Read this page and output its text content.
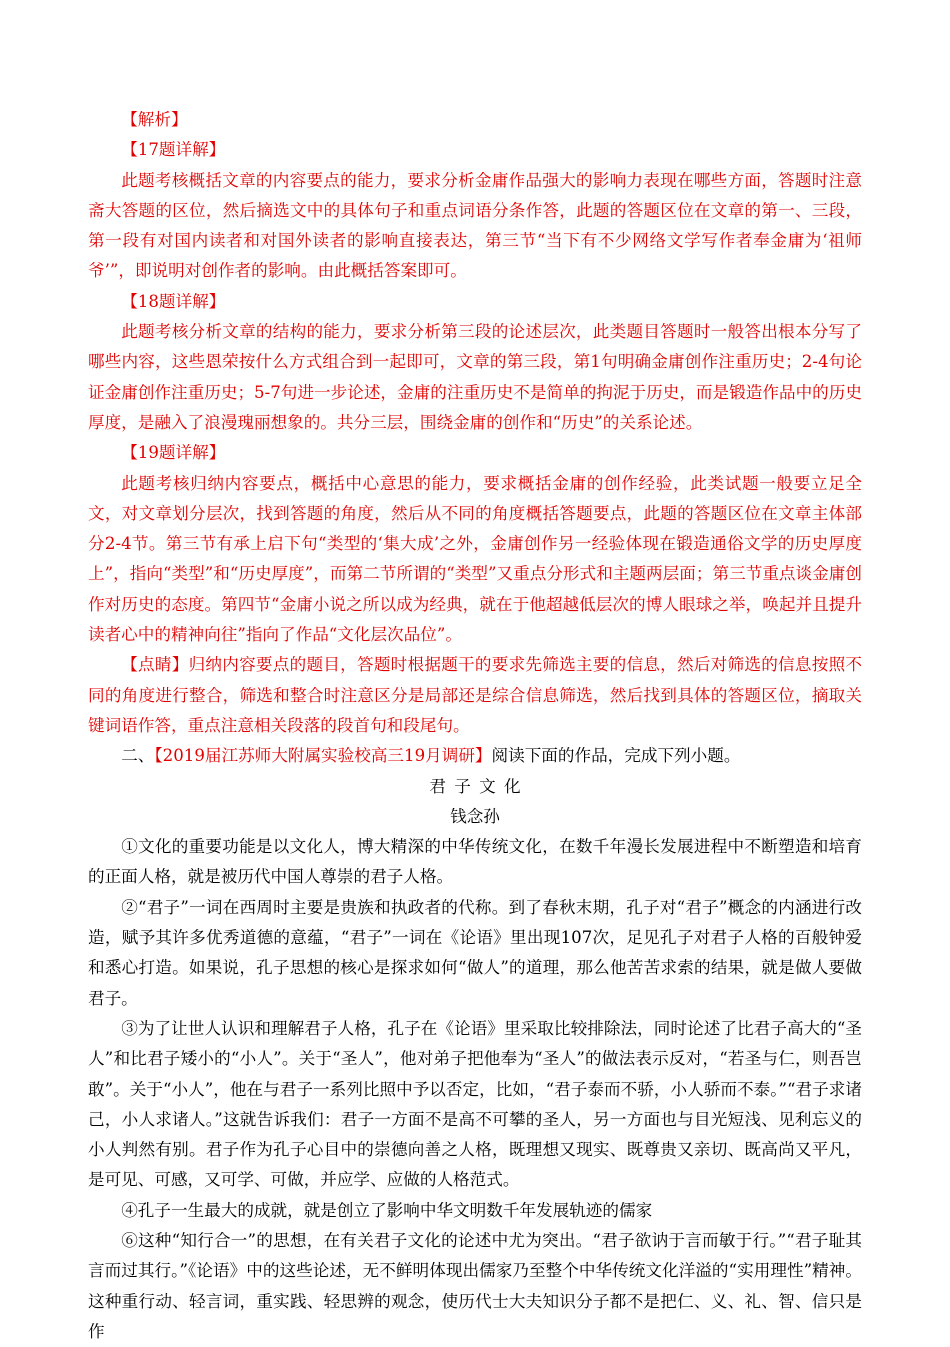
【解析】

【17题详解】

此题考核概括文章的内容要点的能力，要求分析金庸作品强大的影响力表现在哪些方面，答题时注意斋大答题的区位，然后摘选文中的具体句子和重点词语分条作答，此题的答题区位在文章的第一、三段，第一段有对国内读者和对国外读者的影响直接表达，第三节“当下有不少网络文学写作者奉金庸为‘祖师爷’”，即说明对创作者的影响。由此概括答案即可。

【18题详解】

此题考核分析文章的结构的能力，要求分析第三段的论述层次，此类题目答题时一般答出根本分写了哪些内容，这些恩荣按什么方式组合到一起即可，文章的第三段，第1句明确金庸创作注重历史；2-4句论证金庸创作注重历史；5-7句进一步论述，金庸的注重历史不是简单的拘泥于历史，而是锻造作品中的历史厚度，是融入了浪漫瑰丽想象的。共分三层，围绕金庸的创作和“历史”的关系论述。

【19题详解】

此题考核归纳内容要点，概括中心意思的能力，要求概括金庸的创作经验，此类试题一般要立足全文，对文章划分层次，找到答题的角度，然后从不同的角度概括答题要点，此题的答题区位在文章主体部分2-4节。第三节有承上启下句“类型的‘集大成’之外，金庸创作另一经验体现在锻造通俗文学的历史厚度上”，指向“类型”和“历史厚度”，而第二节所谓的“类型”又重点分形式和主题两层面；第三节重点谈金庸创作对历史的态度。第四节“金庸小说之所以成为经典，就在于他超越低层次的博人眼球之举，唤起并且提升读者心中的精神向往”指向了作品“文化层次品位”。

【点睛】归纳内容要点的题目，答题时根据题干的要求先筛选主要的信息，然后对筛选的信息按照不同的角度进行整合，筛选和整合时注意区分是局部还是综合信息筛选，然后找到具体的答题区位，摘取关键词语作答，重点注意相关段落的段首句和段尾句。

二、【2019届江苏师大附属实验校高三19月调研】阅读下面的作品，完成下列小题。

君子文化

钱念孙

①文化的重要功能是以文化人，博大精深的中华传统文化，在数千年漫长发展进程中不断塑造和培育的正面人格，就是被历代中国人尊崇的君子人格。

②“君子”一词在西周时主要是贵族和执政者的代称。到了春秋末期，孔子对“君子”概念的内涵进行改造，赋予其许多优秀道德的意蕴，“君子”一词在《论语》里出现107次，足见孔子对君子人格的百般钟爱和悉心打造。如果说，孔子思想的核心是探求如何“做人”的道理，那么他苦苦求索的结果，就是做人要做君子。

③为了让世人认识和理解君子人格，孔子在《论语》里采取比较排除法，同时论述了比君子高大的“圣人”和比君子矮小的“小人”。关于“圣人”，他对弟子把他奉为“圣人”的做法表示反对，“若圣与仁，则吾岂敢”。关于“小人”，他在与君子一系列比照中予以否定，比如，“君子泰而不骄，小人骄而不泰。”“君子求诸己，小人求诸人。”这就告诉我们：君子一方面不是高不可攀的圣人，另一方面也与目光短浅、见利忘义的小人判然有别。君子作为孔子心目中的崇德向善之人格，既理想又现实、既尊贵又亲切、既高尚又平凡，是可见、可感，又可学、可做，并应学、应做的人格范式。

④孔子一生最大的成就，就是创立了影响中华文明数千年发展轨迹的儒家

⑥这种“知行合一”的思想，在有关君子文化的论述中尤为突出。“君子欲讷于言而敏于行。”“君子耻其言而过其行。”《论语》中的这些论述，无不鲜明体现出儒家乃至整个中华传统文化洋溢的“实用理性”精神。这种重行动、轻言词，重实践、轻思辨的观念，使历代士大夫知识分子都不是把仁、义、礼、智、信只是作
